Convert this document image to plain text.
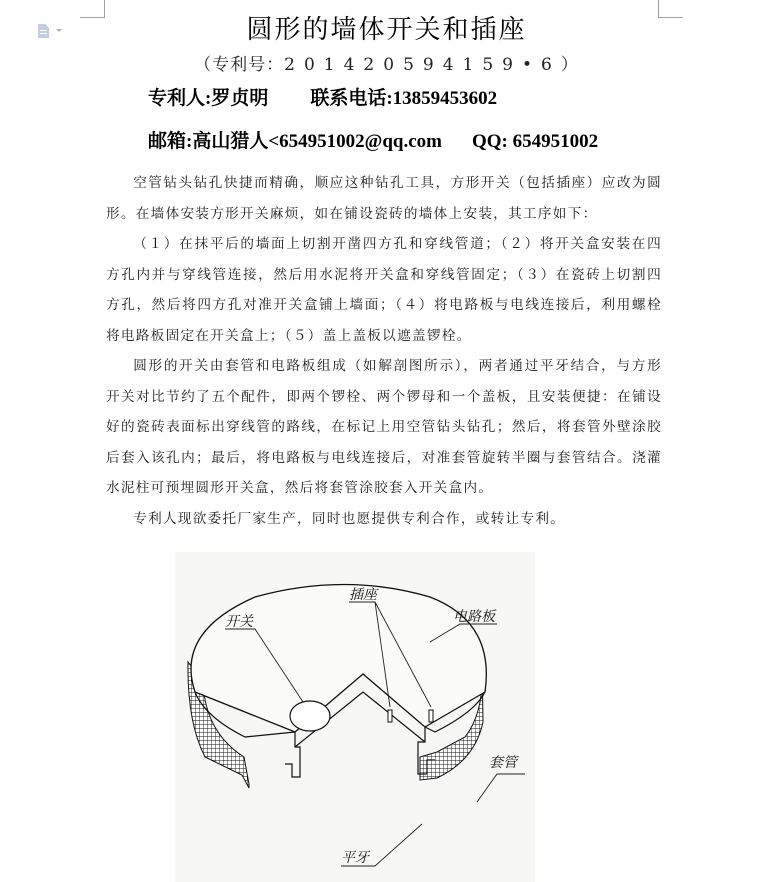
圆形的墙体开关和插座
（专利号：201420594159•6）
专利人:罗贞明 联系电话:13859453602
邮箱:高山猎人<654951002@qq.com QQ: 654951002

空管钻头钻孔快捷而精确，顺应这种钻孔工具，方形开关（包括插座）应改为圆形。在墙体安装方形开关麻烦，如在铺设瓷砖的墙体上安装，其工序如下：

（１）在抹平后的墙面上切割开凿四方孔和穿线管道；（２）将开关盒安装在四方孔内并与穿线管连接，然后用水泥将开关盒和穿线管固定；（３）在瓷砖上切割四方孔，然后将四方孔对准开关盒铺上墙面；（４）将电路板与电线连接后，利用螺栓将电路板固定在开关盒上；（５）盖上盖板以遮盖锣栓。

圆形的开关由套管和电路板组成（如解剖图所示），两者通过平牙结合，与方形开关对比节约了五个配件，即两个锣栓、两个锣母和一个盖板，且安装便捷：在铺设好的瓷砖表面标出穿线管的路线，在标记上用空管钻头钻孔；然后，将套管外壁涂胶后套入该孔内；最后，将电路板与电线连接后，对准套管旋转半圈与套管结合。浇灌水泥柱可预埋圆形开关盒，然后将套管涂胶套入开关盒内。

专利人现欲委托厂家生产，同时也愿提供专利合作，或转让专利。

开关
插座
电路板
套管
平牙
